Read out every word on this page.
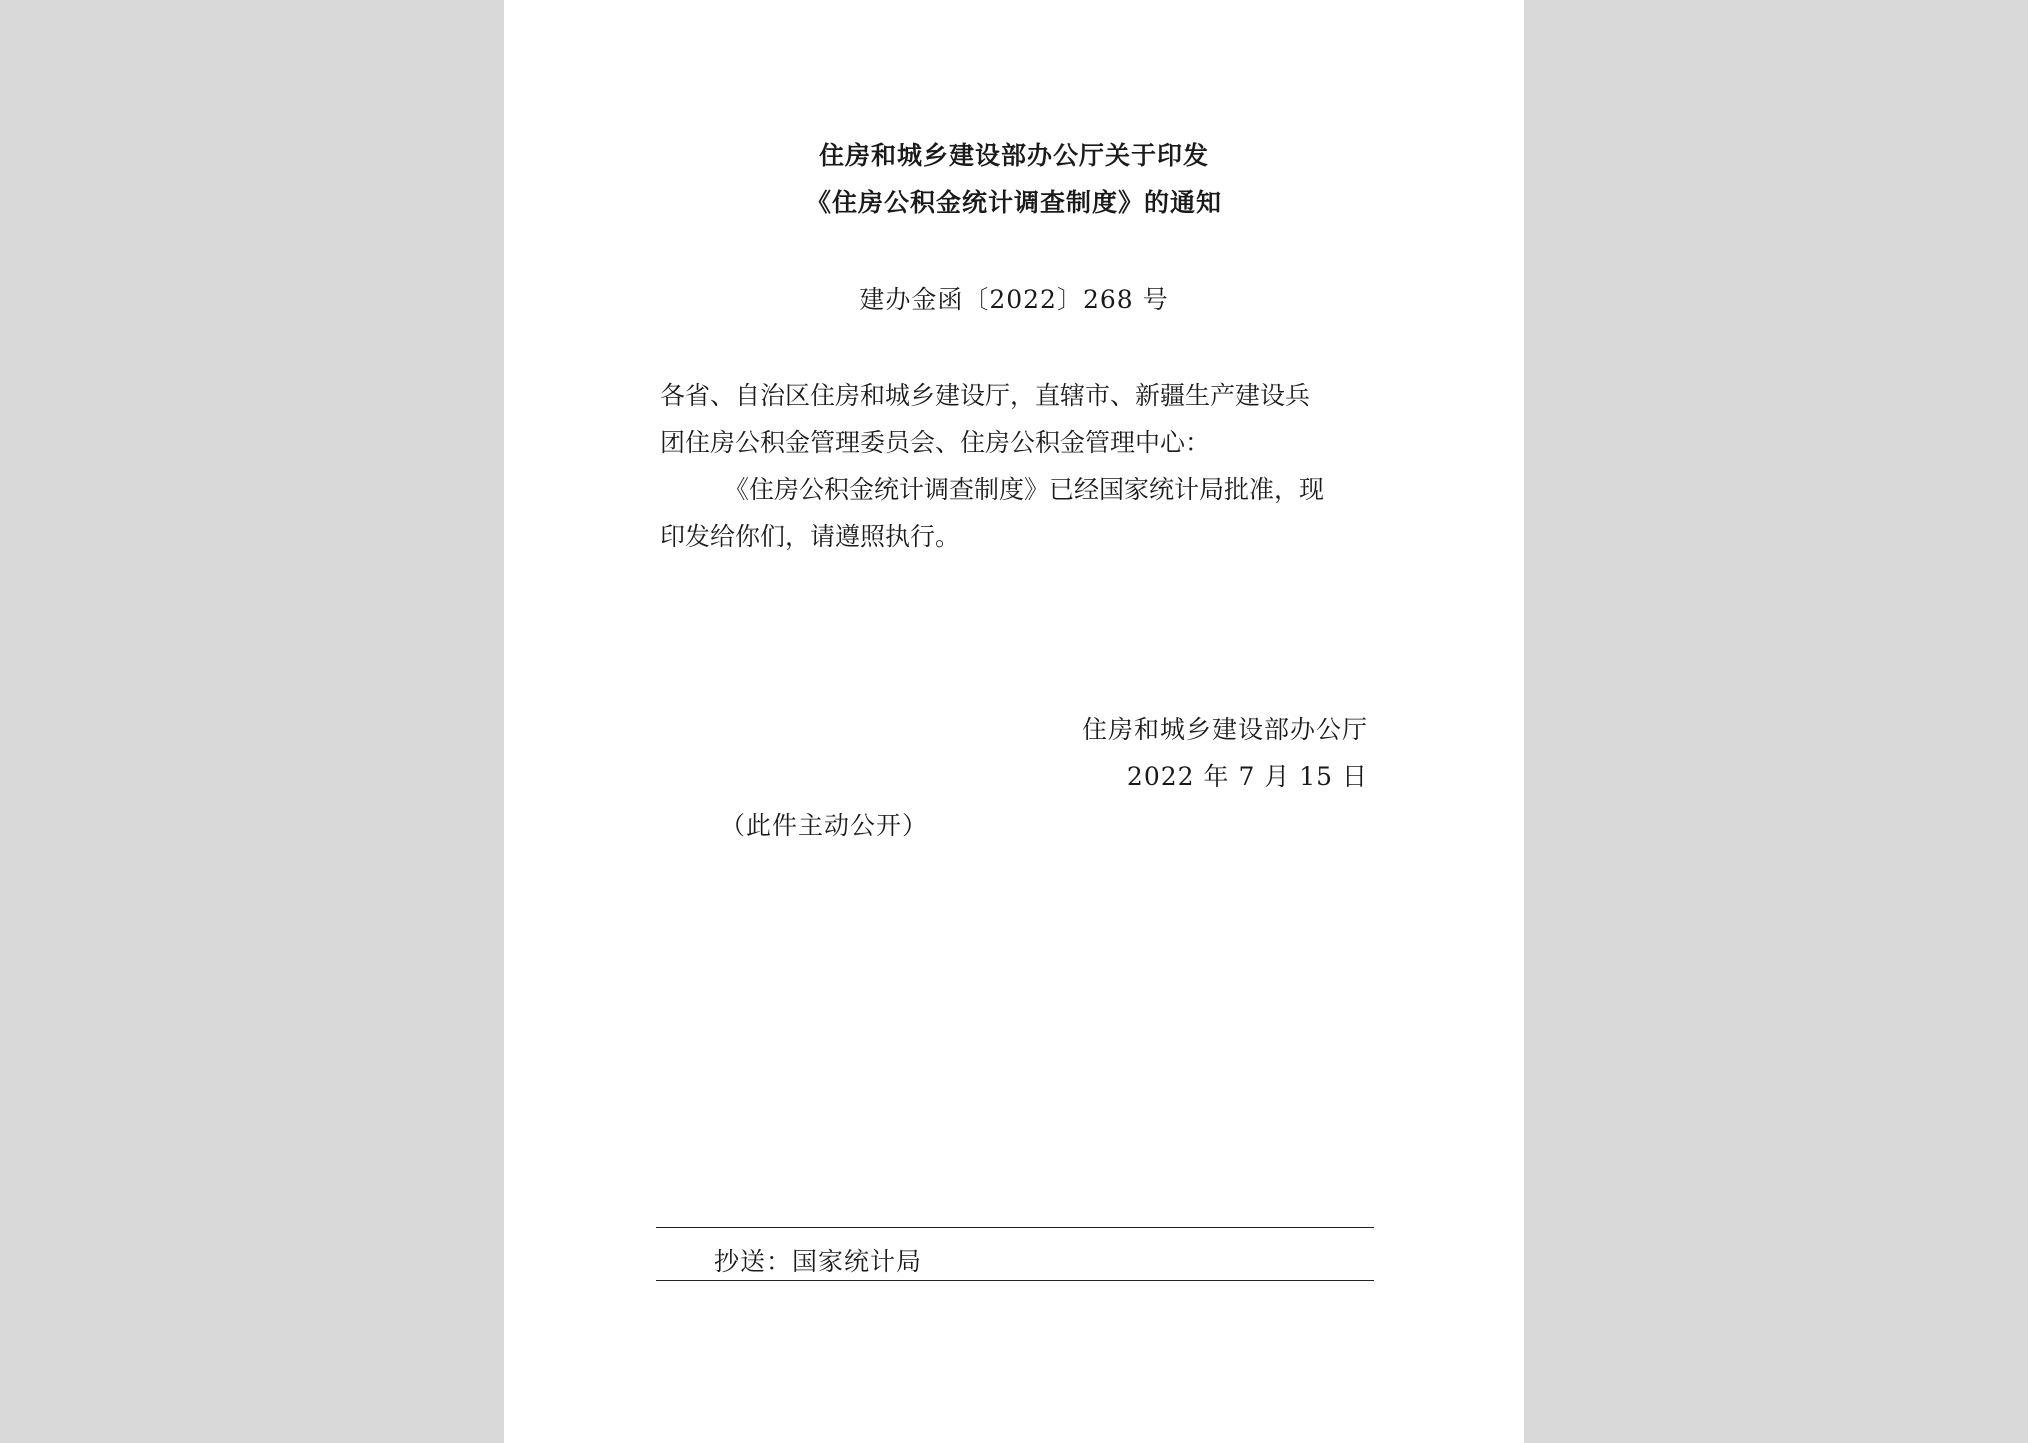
住房和城乡建设部办公厅关于印发
《住房公积金统计调查制度》的通知
建办金函〔2022〕268 号
各省、自治区住房和城乡建设厅，直辖市、新疆生产建设兵
团住房公积金管理委员会、住房公积金管理中心：
《住房公积金统计调查制度》已经国家统计局批准，现
印发给你们，请遵照执行。
住房和城乡建设部办公厅
2022 年 7 月 15 日
（此件主动公开）
抄送：国家统计局
